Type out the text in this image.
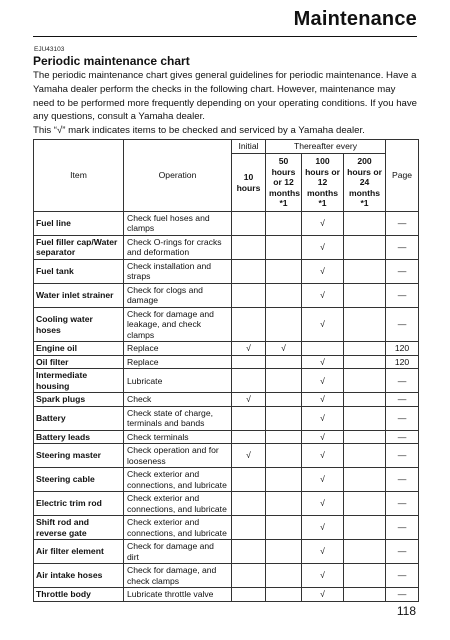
Maintenance
EJU43103
Periodic maintenance chart

The periodic maintenance chart gives general guidelines for periodic maintenance. Have a Yamaha dealer perform the checks in the following chart. However, maintenance may need to be performed more frequently depending on your operating conditions. If you have any questions, consult a Yamaha dealer.

This “√” mark indicates items to be checked and serviced by a Yamaha dealer.

Item	Operation	Initial	Thereafter every			Page
		10 hours	50 hours or 12 months *1	100 hours or 12 months *1	200 hours or 24 months *1	
Fuel line	Check fuel hoses and clamps			√		—
Fuel filler cap/Water separator	Check O-rings for cracks and deformation			√		—
Fuel tank	Check installation and straps			√		—
Water inlet strainer	Check for clogs and damage			√		—
Cooling water hoses	Check for damage and leakage, and check clamps			√		—
Engine oil	Replace	√	√			120
Oil filter	Replace			√		120
Intermediate housing	Lubricate			√		—
Spark plugs	Check	√		√		—
Battery	Check state of charge, terminals and bands			√		—
Battery leads	Check terminals			√		—
Steering master	Check operation and for looseness	√		√		—
Steering cable	Check exterior and connections, and lubricate			√		—
Electric trim rod	Check exterior and connections, and lubricate			√		—
Shift rod and reverse gate	Check exterior and connections, and lubricate			√		—
Air filter element	Check for damage and dirt			√		—
Air intake hoses	Check for damage, and check clamps			√		—
Throttle body	Lubricate throttle valve			√		—
118
